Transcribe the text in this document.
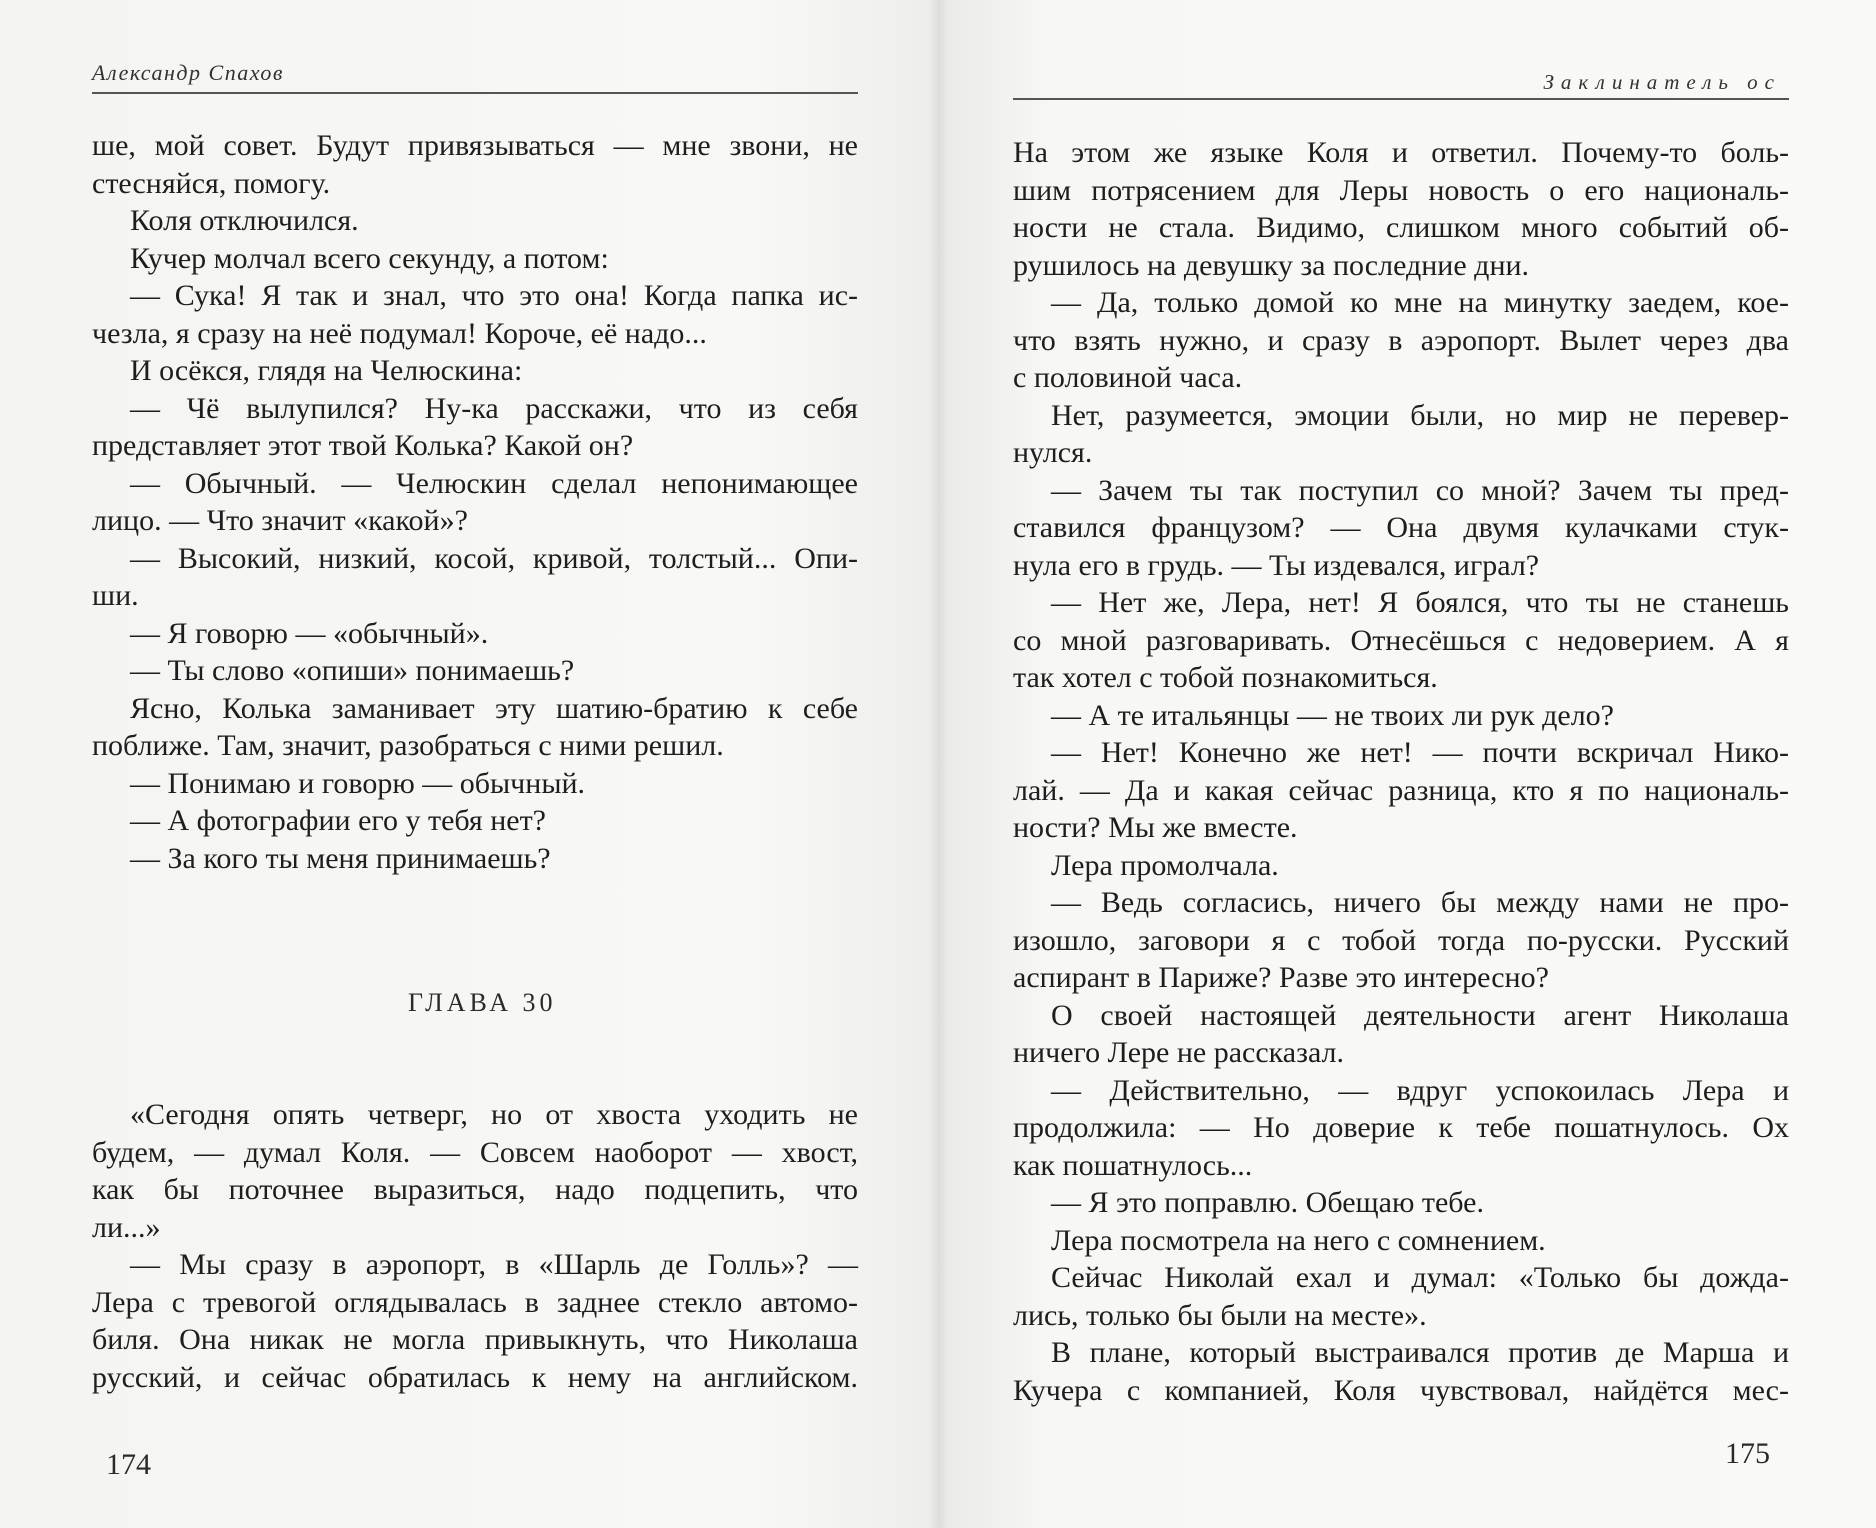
Александр Спахов
ше, мой совет. Будут привязываться — мне звони, не
стесняйся, помогу.
Коля отключился.
Кучер молчал всего секунду, а потом:
— Сука! Я так и знал, что это она! Когда папка ис-
чезла, я сразу на неё подумал! Короче, её надо...
И осёкся, глядя на Челюскина:
— Чё вылупился? Ну-ка расскажи, что из себя
представляет этот твой Колька? Какой он?
— Обычный. — Челюскин сделал непонимающее
лицо. — Что значит «какой»?
— Высокий, низкий, косой, кривой, толстый... Опи-
ши.
— Я говорю — «обычный».
— Ты слово «опиши» понимаешь?
Ясно, Колька заманивает эту шатию-братию к себе
поближе. Там, значит, разобраться с ними решил.
— Понимаю и говорю — обычный.
— А фотографии его у тебя нет?
— За кого ты меня принимаешь?
ГЛАВА 30
«Сегодня опять четверг, но от хвоста уходить не
будем, — думал Коля. — Совсем наоборот — хвост,
как бы поточнее выразиться, надо подцепить, что
ли...»
— Мы сразу в аэропорт, в «Шарль де Голль»? —
Лера с тревогой оглядывалась в заднее стекло автомо-
биля. Она никак не могла привыкнуть, что Николаша
русский, и сейчас обратилась к нему на английском.
174
Заклинатель ос
На этом же языке Коля и ответил. Почему-то боль-
шим потрясением для Леры новость о его националь-
ности не стала. Видимо, слишком много событий об-
рушилось на девушку за последние дни.
— Да, только домой ко мне на минутку заедем, кое-
что взять нужно, и сразу в аэропорт. Вылет через два
с половиной часа.
Нет, разумеется, эмоции были, но мир не перевер-
нулся.
— Зачем ты так поступил со мной? Зачем ты пред-
ставился французом? — Она двумя кулачками стук-
нула его в грудь. — Ты издевался, играл?
— Нет же, Лера, нет! Я боялся, что ты не станешь
со мной разговаривать. Отнесёшься с недоверием. А я
так хотел с тобой познакомиться.
— А те итальянцы — не твоих ли рук дело?
— Нет! Конечно же нет! — почти вскричал Нико-
лай. — Да и какая сейчас разница, кто я по националь-
ности? Мы же вместе.
Лера промолчала.
— Ведь согласись, ничего бы между нами не про-
изошло, заговори я с тобой тогда по-русски. Русский
аспирант в Париже? Разве это интересно?
О своей настоящей деятельности агент Николаша
ничего Лере не рассказал.
— Действительно, — вдруг успокоилась Лера и
продолжила: — Но доверие к тебе пошатнулось. Ох
как пошатнулось...
— Я это поправлю. Обещаю тебе.
Лера посмотрела на него с сомнением.
Сейчас Николай ехал и думал: «Только бы дожда-
лись, только бы были на месте».
В плане, который выстраивался против де Марша и
Кучера с компанией, Коля чувствовал, найдётся мес-
175
